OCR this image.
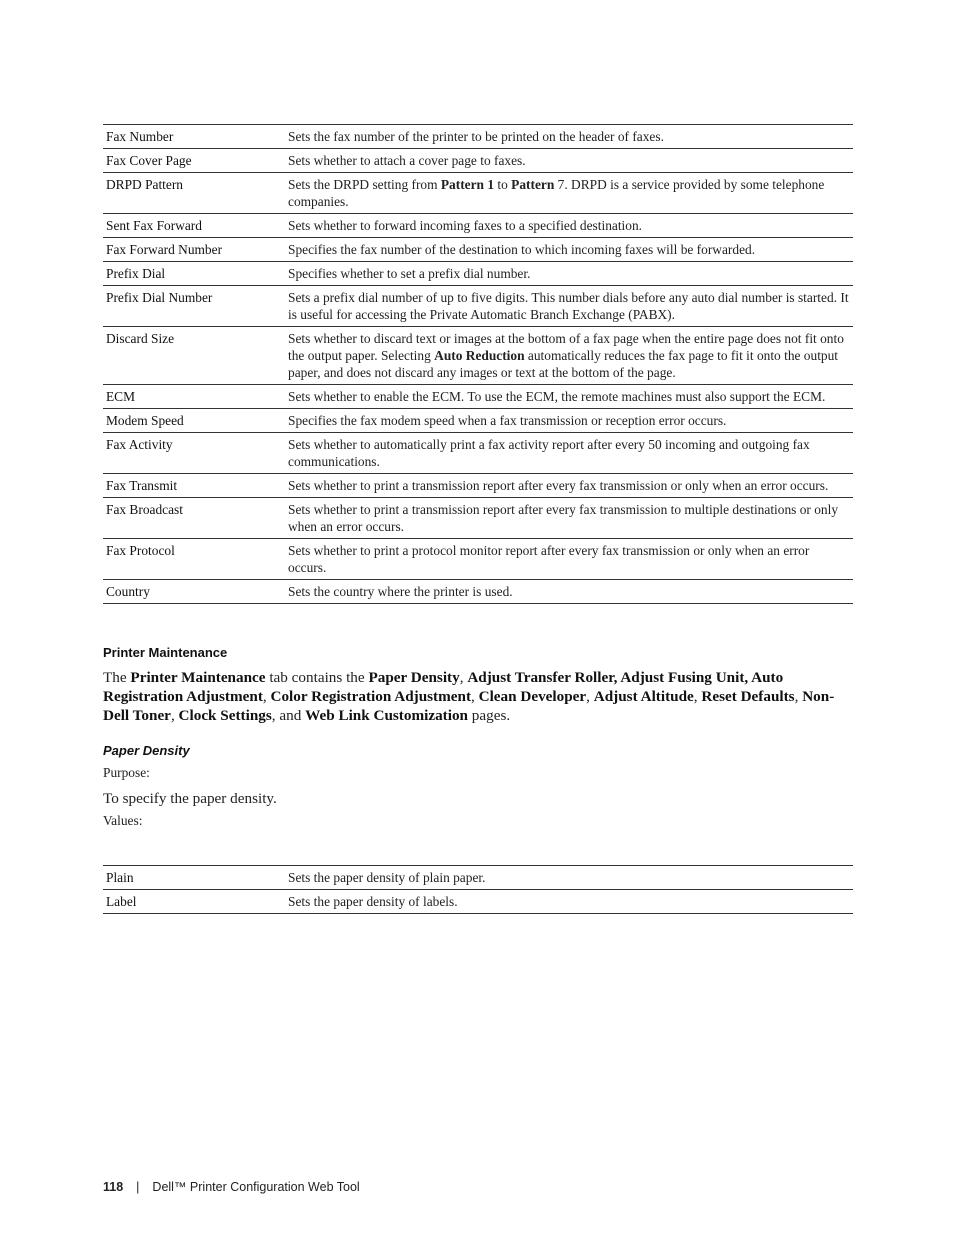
Fax Number	Sets the fax number of the printer to be printed on the header of faxes.
Fax Cover Page	Sets whether to attach a cover page to faxes.
DRPD Pattern	Sets the DRPD setting from Pattern 1 to Pattern 7. DRPD is a service provided by some telephone companies.
Sent Fax Forward	Sets whether to forward incoming faxes to a specified destination.
Fax Forward Number	Specifies the fax number of the destination to which incoming faxes will be forwarded.
Prefix Dial	Specifies whether to set a prefix dial number.
Prefix Dial Number	Sets a prefix dial number of up to five digits. This number dials before any auto dial number is started. It is useful for accessing the Private Automatic Branch Exchange (PABX).
Discard Size	Sets whether to discard text or images at the bottom of a fax page when the entire page does not fit onto the output paper. Selecting Auto Reduction automatically reduces the fax page to fit it onto the output paper, and does not discard any images or text at the bottom of the page.
ECM	Sets whether to enable the ECM. To use the ECM, the remote machines must also support the ECM.
Modem Speed	Specifies the fax modem speed when a fax transmission or reception error occurs.
Fax Activity	Sets whether to automatically print a fax activity report after every 50 incoming and outgoing fax communications.
Fax Transmit	Sets whether to print a transmission report after every fax transmission or only when an error occurs.
Fax Broadcast	Sets whether to print a transmission report after every fax transmission to multiple destinations or only when an error occurs.
Fax Protocol	Sets whether to print a protocol monitor report after every fax transmission or only when an error occurs.
Country	Sets the country where the printer is used.
Printer Maintenance
The Printer Maintenance tab contains the Paper Density, Adjust Transfer Roller, Adjust Fusing Unit, Auto Registration Adjustment, Color Registration Adjustment, Clean Developer, Adjust Altitude, Reset Defaults, Non-Dell Toner, Clock Settings, and Web Link Customization pages.
Paper Density
Purpose:
To specify the paper density.
Values:
Plain	Sets the paper density of plain paper.
Label	Sets the paper density of labels.
118 | Dell™ Printer Configuration Web Tool
